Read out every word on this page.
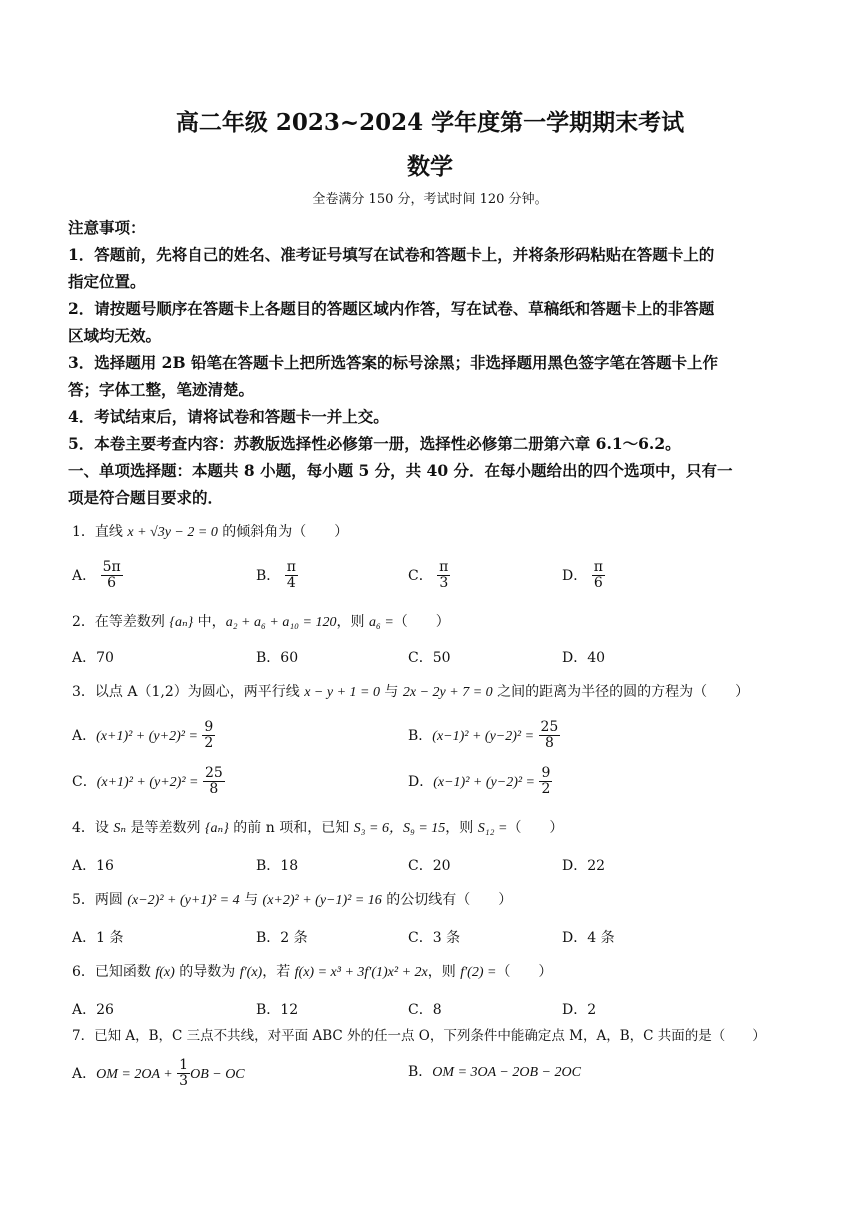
高二年级 2023~2024 学年度第一学期期末考试
数学
全卷满分 150 分，考试时间 120 分钟。
注意事项：
1．答题前，先将自己的姓名、准考证号填写在试卷和答题卡上，并将条形码粘贴在答题卡上的
指定位置。
2．请按题号顺序在答题卡上各题目的答题区域内作答，写在试卷、草稿纸和答题卡上的非答题
区域均无效。
3．选择题用 2B 铅笔在答题卡上把所选答案的标号涂黑；非选择题用黑色签字笔在答题卡上作
答；字体工整，笔迹清楚。
4．考试结束后，请将试卷和答题卡一并上交。
5．本卷主要考查内容：苏教版选择性必修第一册，选择性必修第二册第六章 6.1～6.2。
一、单项选择题：本题共 8 小题，每小题 5 分，共 40 分．在每小题给出的四个选项中，只有一
项是符合题目要求的．
1．直线 x + √3y − 2 = 0 的倾斜角为（　　）
A． $\frac{5\pi}{6}$	B． $\frac{\pi}{4}$	C． $\frac{\pi}{3}$	D． $\frac{\pi}{6}$
2．在等差数列 {aₙ} 中，a₂ + a₆ + a₁₀ = 120，则 a₆ =（　　）
A．70	B．60	C．50	D．40
3．以点 A（1,2）为圆心，两平行线 x − y + 1 = 0 与 2x − 2y + 7 = 0 之间的距离为半径的圆的方程为（　　）
A．$(x+1)^2 + (y+2)^2 = \frac{9}{2}$	B．$(x-1)^2 + (y-2)^2 = \frac{25}{8}$
C．$(x+1)^2 + (y+2)^2 = \frac{25}{8}$	D．$(x-1)^2 + (y-2)^2 = \frac{9}{2}$
4．设 Sₙ 是等差数列 {aₙ} 的前 n 项和，已知 S₃ = 6，S₉ = 15，则 S₁₂ =（　　）
A．16	B．18	C．20	D．22
5．两圆 (x−2)² + (y+1)² = 4 与 (x+2)² + (y−1)² = 16 的公切线有（　　）
A．1 条	B．2 条	C．3 条	D．4 条
6．已知函数 f(x) 的导数为 f′(x)，若 f(x) = x³ + 3f′(1)x² + 2x，则 f′(2) =（　　）
A．26	B．12	C．8	D．2
7．已知 A，B，C 三点不共线，对平面 ABC 外的任一点 O，下列条件中能确定点 M，A，B，C 共面的是（　　）
A．OM = $2OA + \frac{1}{3}$ OB − OC	B．OM = 3OA − 2OB − 2OC
